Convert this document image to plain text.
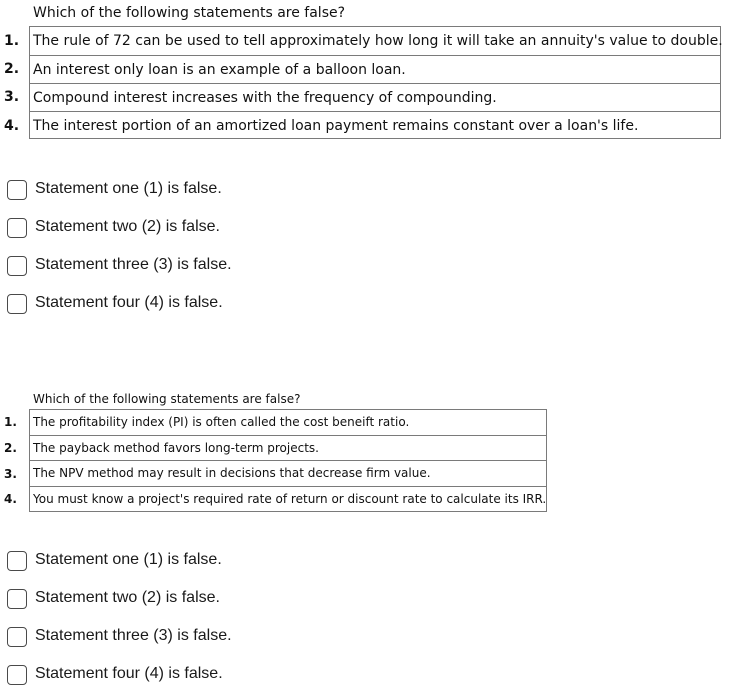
Which of the following statements are false?
1.
2.
3.
4.
The rule of 72 can be used to tell approximately how long it will take an annuity's value to double.
An interest only loan is an example of a balloon loan.
Compound interest increases with the frequency of compounding.
The interest portion of an amortized loan payment remains constant over a loan's life.
Statement one (1) is false.
Statement two (2) is false.
Statement three (3) is false.
Statement four (4) is false.
Which of the following statements are false?
1.
2.
3.
4.
The profitability index (PI) is often called the cost beneift ratio.
The payback method favors long-term projects.
The NPV method may result in decisions that decrease firm value.
You must know a project's required rate of return or discount rate to calculate its IRR.
Statement one (1) is false.
Statement two (2) is false.
Statement three (3) is false.
Statement four (4) is false.
